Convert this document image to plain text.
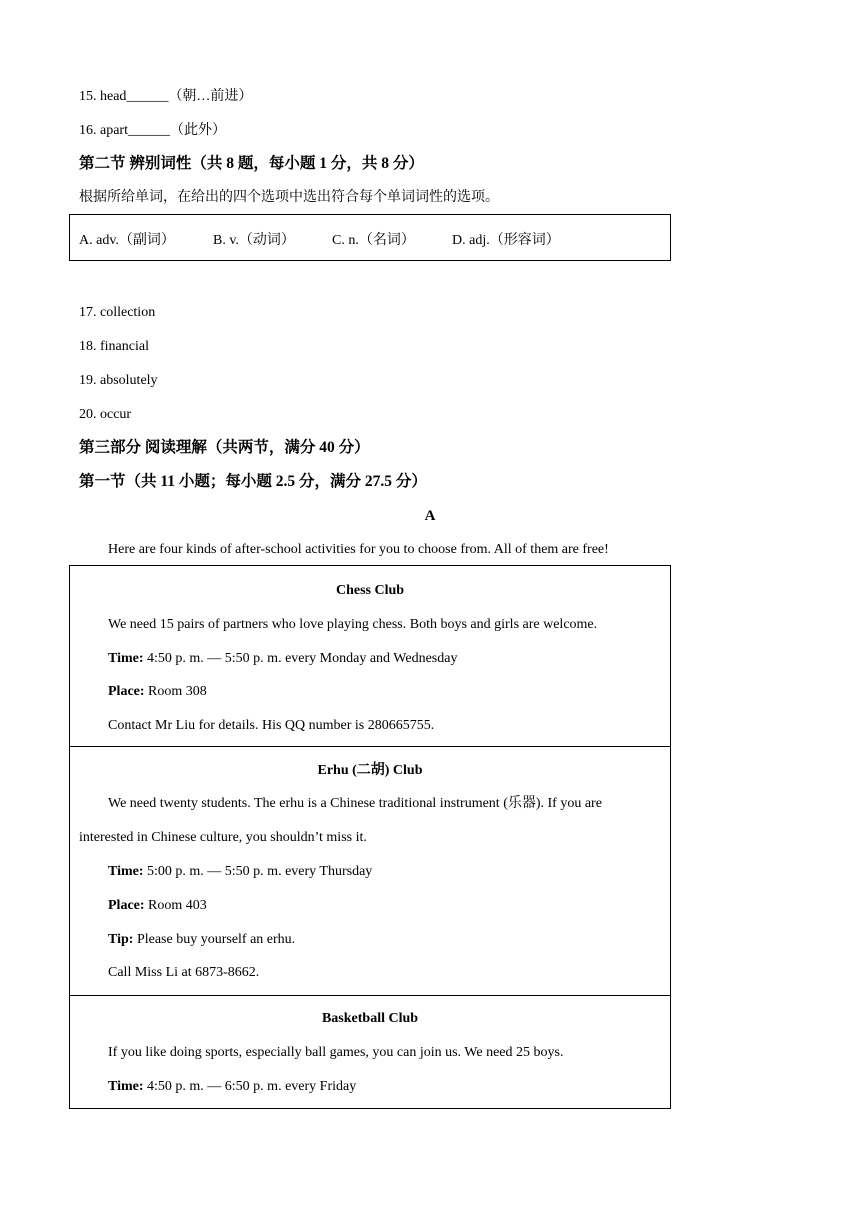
15. head______（朝…前进）
16. apart______（此外）
第二节 辨别词性（共 8 题，每小题 1 分，共 8 分）
根据所给单词，在给出的四个选项中选出符合每个单词词性的选项。
A. adv.（副词）	B. v.（动词）	C. n.（名词）	D. adj.（形容词）
17. collection
18. financial
19. absolutely
20. occur
第三部分 阅读理解（共两节，满分 40 分）
第一节（共 11 小题；每小题 2.5 分，满分 27.5 分）
A
Here are four kinds of after-school activities for you to choose from. All of them are free!
Chess Club
We need 15 pairs of partners who love playing chess. Both boys and girls are welcome.
Time: 4:50 p. m. — 5:50 p. m. every Monday and Wednesday
Place: Room 308
Contact Mr Liu for details. His QQ number is 280665755.
Erhu (二胡) Club
We need twenty students. The erhu is a Chinese traditional instrument (乐器). If you are
interested in Chinese culture, you shouldn’t miss it.
Time: 5:00 p. m. — 5:50 p. m. every Thursday
Place: Room 403
Tip: Please buy yourself an erhu.
Call Miss Li at 6873-8662.
Basketball Club
If you like doing sports, especially ball games, you can join us. We need 25 boys.
Time: 4:50 p. m. — 6:50 p. m. every Friday
